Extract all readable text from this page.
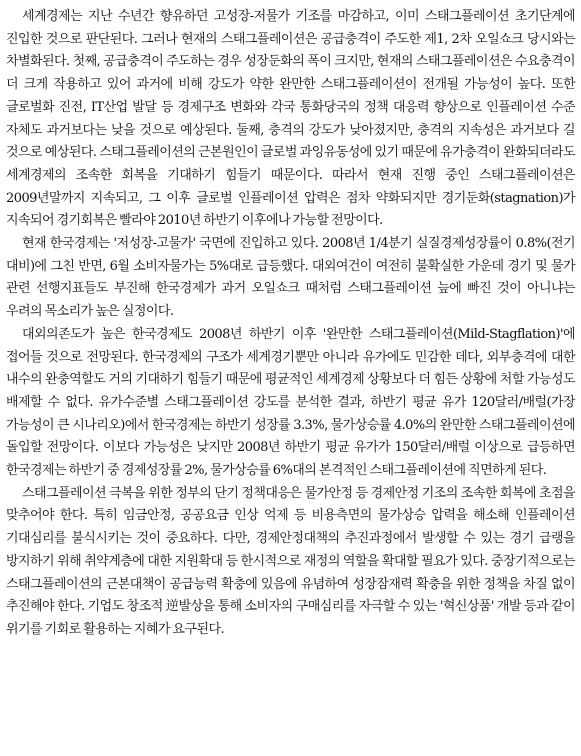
세계경제는 지난 수년간 향유하던 고성장-저물가 기조를 마감하고, 이미 스태그플레이션 초기단계에 진입한 것으로 판단된다. 그러나 현재의 스태그플레이션은 공급충격이 주도한 제1, 2차 오일쇼크 당시와는 차별화된다. 첫째, 공급충격이 주도하는 경우 성장둔화의 폭이 크지만, 현재의 스태그플레이션은 수요충격이 더 크게 작용하고 있어 과거에 비해 강도가 약한 완만한 스태그플레이션이 전개될 가능성이 높다. 또한 글로벌화 진전, IT산업 발달 등 경제구조 변화와 각국 통화당국의 정책 대응력 향상으로 인플레이션 수준 자체도 과거보다는 낮을 것으로 예상된다. 둘째, 충격의 강도가 낮아졌지만, 충격의 지속성은 과거보다 길 것으로 예상된다. 스태그플레이션의 근본원인이 글로벌 과잉유동성에 있기 때문에 유가충격이 완화되더라도 세계경제의 조속한 회복을 기대하기 힘들기 때문이다. 따라서 현재 진행 중인 스태그플레이션은 2009년말까지 지속되고, 그 이후 글로벌 인플레이션 압력은 점차 약화되지만 경기둔화(stagnation)가 지속되어 경기회복은 빨라야 2010년 하반기 이후에나 가능할 전망이다.

현재 한국경제는 '저성장-고물가' 국면에 진입하고 있다. 2008년 1/4분기 실질경제성장률이 0.8%(전기 대비)에 그친 반면, 6월 소비자물가는 5%대로 급등했다. 대외여건이 여전히 불확실한 가운데 경기 및 물가 관련 선행지표들도 부진해 한국경제가 과거 오일쇼크 때처럼 스태그플레이션 늪에 빠진 것이 아니냐는 우려의 목소리가 높은 실정이다.

대외의존도가 높은 한국경제도 2008년 하반기 이후 '완만한 스태그플레이션(Mild-Stagflation)'에 접어들 것으로 전망된다. 한국경제의 구조가 세계경기뿐만 아니라 유가에도 민감한 데다, 외부충격에 대한 내수의 완충역할도 거의 기대하기 힘들기 때문에 평균적인 세계경제 상황보다 더 힘든 상황에 처할 가능성도 배제할 수 없다. 유가수준별 스태그플레이션 강도를 분석한 결과, 하반기 평균 유가 120달러/배럴(가장 가능성이 큰 시나리오)에서 한국경제는 하반기 성장률 3.3%, 물가상승률 4.0%의 완만한 스태그플레이션에 돌입할 전망이다. 이보다 가능성은 낮지만 2008년 하반기 평균 유가가 150달러/배럴 이상으로 급등하면 한국경제는 하반기 중 경제성장률 2%, 물가상승률 6%대의 본격적인 스태그플레이션에 직면하게 된다.

스태그플레이션 극복을 위한 정부의 단기 정책대응은 물가안정 등 경제안정 기조의 조속한 회복에 초점을 맞추어야 한다. 특히 임금안정, 공공요금 인상 억제 등 비용측면의 물가상승 압력을 해소해 인플레이션 기대심리를 불식시키는 것이 중요하다. 다만, 경제안정대책의 추진과정에서 발생할 수 있는 경기 급랭을 방지하기 위해 취약계층에 대한 지원확대 등 한시적으로 재정의 역할을 확대할 필요가 있다. 중장기적으로는 스태그플레이션의 근본대책이 공급능력 확충에 있음에 유념하여 성장잠재력 확충을 위한 정책을 차질 없이 추진해야 한다. 기업도 창조적 逆발상을 통해 소비자의 구매심리를 자극할 수 있는 '혁신상품' 개발 등과 같이 위기를 기회로 활용하는 지혜가 요구된다.
